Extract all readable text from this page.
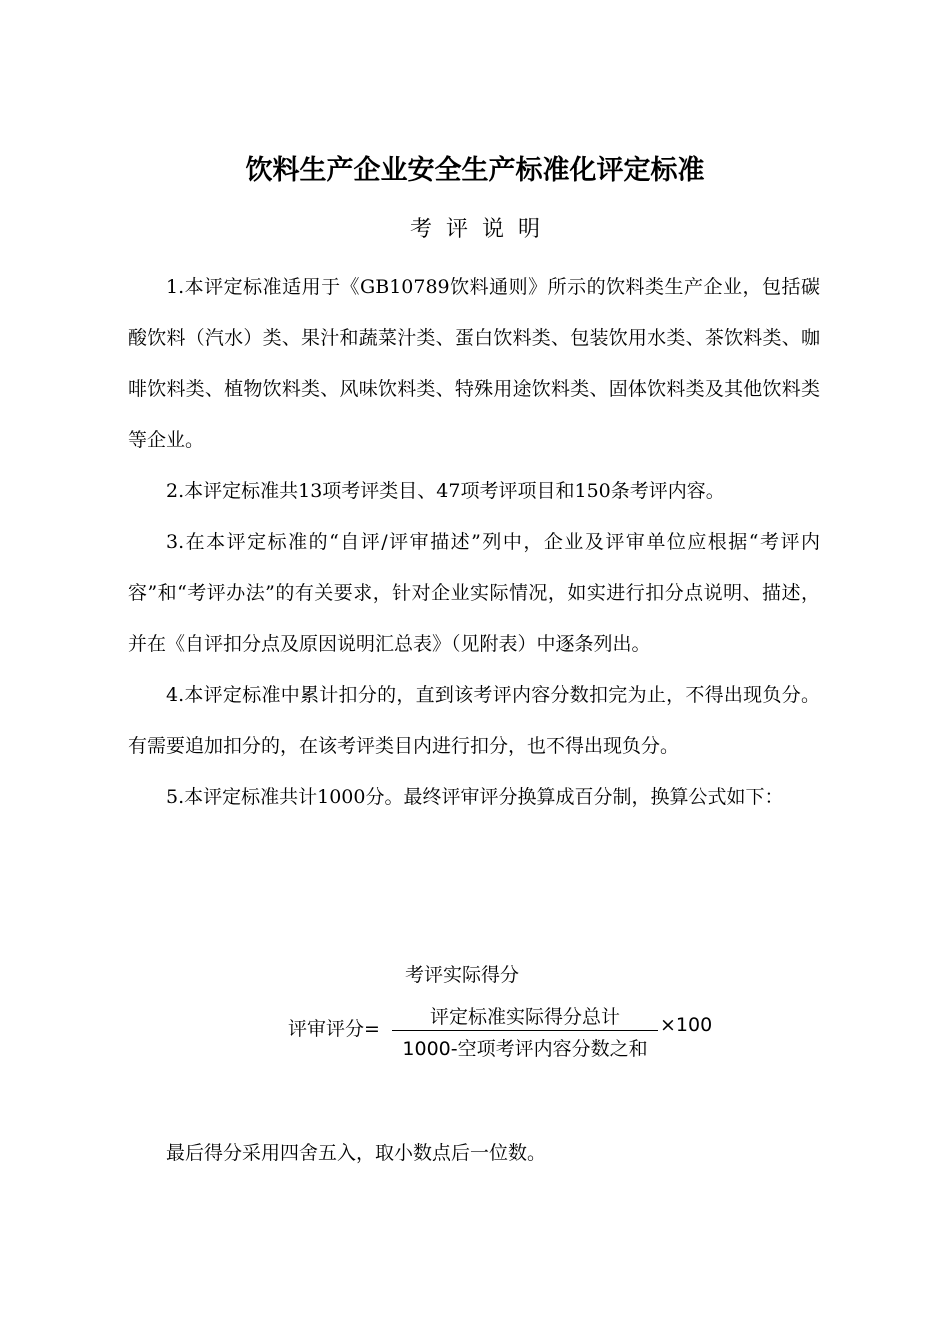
饮料生产企业安全生产标准化评定标准
考评说明

1.本评定标准适用于《GB10789饮料通则》所示的饮料类生产企业，包括碳酸饮料（汽水）类、果汁和蔬菜汁类、蛋白饮料类、包装饮用水类、茶饮料类、咖啡饮料类、植物饮料类、风味饮料类、特殊用途饮料类、固体饮料类及其他饮料类等企业。

2.本评定标准共13项考评类目、47项考评项目和150条考评内容。

3.在本评定标准的“自评/评审描述”列中，企业及评审单位应根据“考评内容”和“考评办法”的有关要求，针对企业实际情况，如实进行扣分点说明、描述，并在《自评扣分点及原因说明汇总表》（见附表）中逐条列出。

4.本评定标准中累计扣分的，直到该考评内容分数扣完为止，不得出现负分。有需要追加扣分的，在该考评类目内进行扣分，也不得出现负分。

5.本评定标准共计1000分。最终评审评分换算成百分制，换算公式如下：

考评实际得分
评审评分=
评定标准实际得分总计
1000-空项考评内容分数之和
×100

最后得分采用四舍五入，取小数点后一位数。
